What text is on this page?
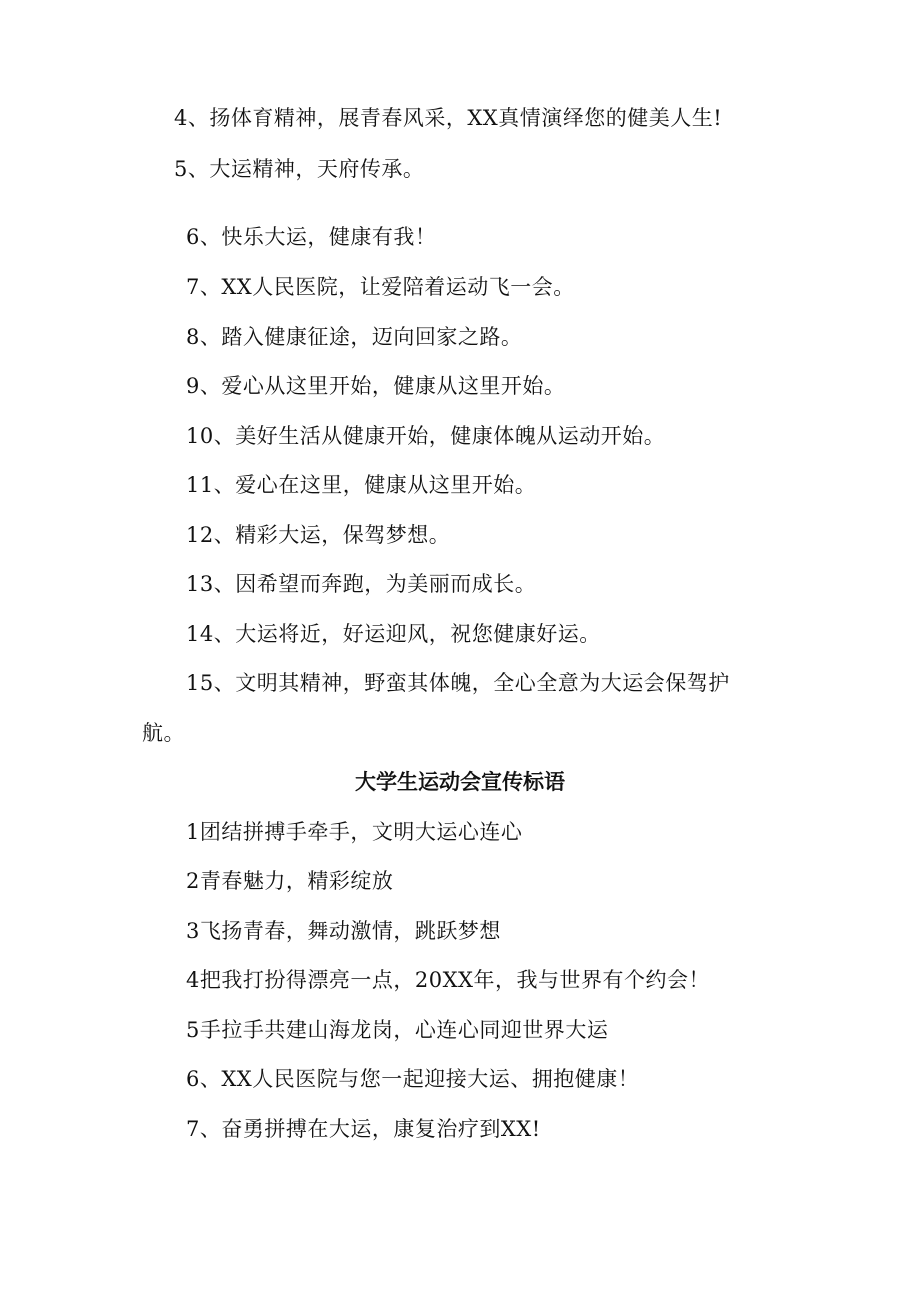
4、扬体育精神，展青春风采，XX真情演绎您的健美人生!
5、大运精神，天府传承。
6、快乐大运，健康有我！
7、XX人民医院，让爱陪着运动飞一会。
8、踏入健康征途，迈向回家之路。
9、爱心从这里开始，健康从这里开始。
10、美好生活从健康开始，健康体魄从运动开始。
11、爱心在这里，健康从这里开始。
12、精彩大运，保驾梦想。
13、因希望而奔跑，为美丽而成长。
14、大运将近，好运迎风，祝您健康好运。
15、文明其精神，野蛮其体魄，全心全意为大运会保驾护
航。
大学生运动会宣传标语
1团结拼搏手牵手，文明大运心连心
2青春魅力，精彩绽放
3飞扬青春，舞动激情，跳跃梦想
4把我打扮得漂亮一点，20XX年，我与世界有个约会！
5手拉手共建山海龙岗，心连心同迎世界大运
6、XX人民医院与您一起迎接大运、拥抱健康！
7、奋勇拼搏在大运，康复治疗到XX!
